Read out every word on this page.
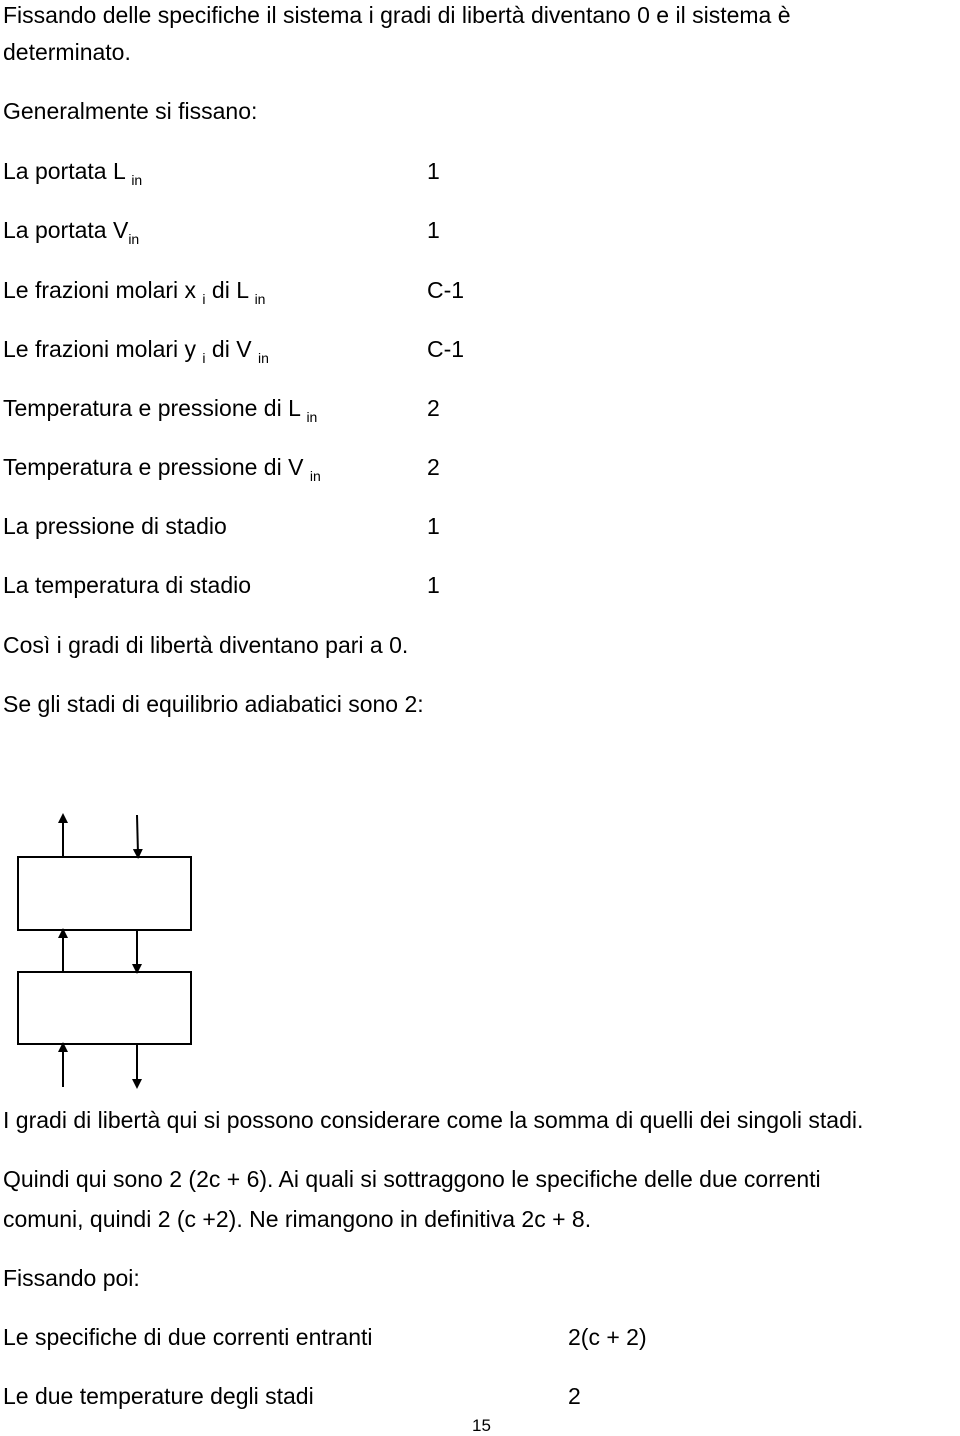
Fissando delle specifiche il sistema i gradi di libertà diventano 0 e il sistema è
determinato.
Generalmente si fissano:
La portata L $_{in}$	1
La portata $V_{in}$	1
Le frazioni molari x $_i$ di L $_{in}$	C-1
Le frazioni molari y $_i$ di V $_{in}$	C-1
Temperatura e pressione di L $_{in}$	2
Temperatura e pressione di V $_{in}$	2
La pressione di stadio	1
La temperatura di stadio	1
Così i gradi di libertà diventano pari a 0.
Se gli stadi di equilibrio adiabatici sono 2:
I gradi di libertà qui si possono considerare come la somma di quelli dei singoli stadi.
Quindi qui sono 2 (2c + 6). Ai quali si sottraggono le specifiche delle due correnti
comuni, quindi 2 (c +2). Ne rimangono in definitiva 2c + 8.
Fissando poi:
Le specifiche di due correnti entranti	2(c + 2)
Le due temperature degli stadi	2
15
